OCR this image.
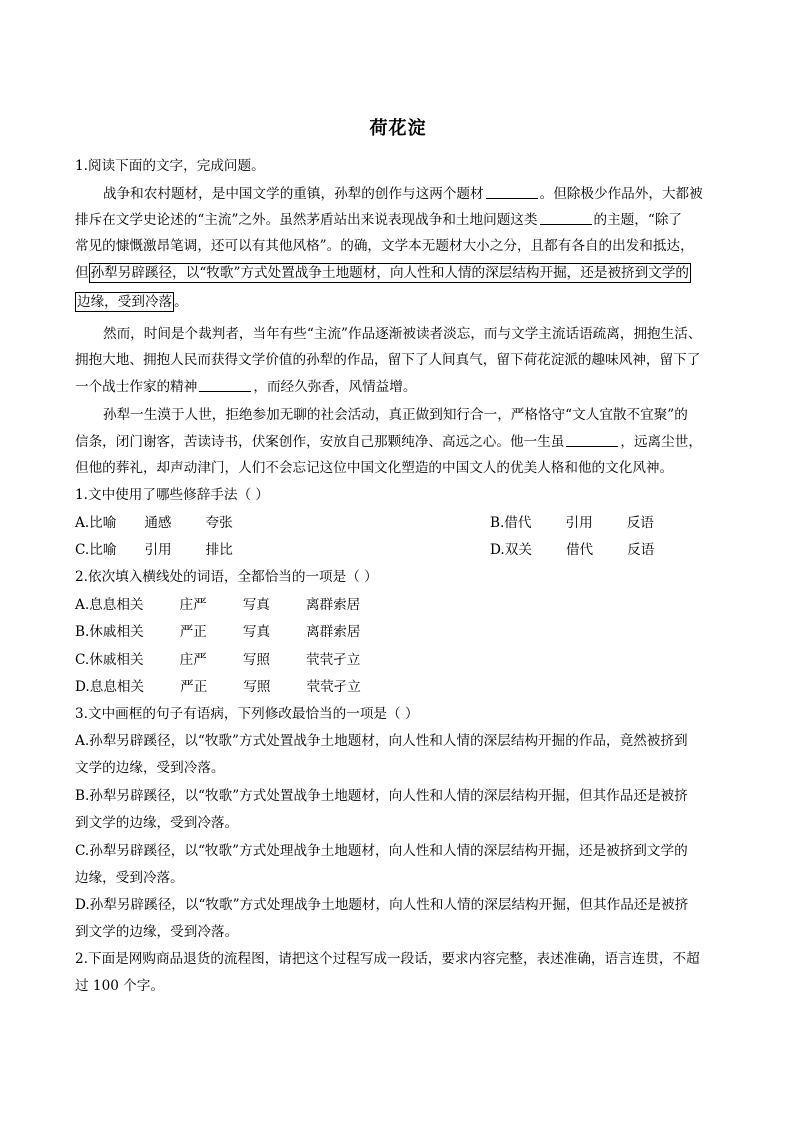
荷花淀
1.阅读下面的文字，完成问题。
战争和农村题材，是中国文学的重镇，孙犁的创作与这两个题材	。但除极少作品外，大都被
排斥在文学史论述的“主流”之外。虽然茅盾站出来说表现战争和土地问题这类	的主题，“除了
常见的慷慨激昂笔调，还可以有其他风格”。的确，文学本无题材大小之分，且都有各自的出发和抵达，
但 孙犁另辟蹊径，以“牧歌”方式处置战争土地题材，向人性和人情的深层结构开掘，还是被挤到文学的
边缘，受到冷落 。
然而，时间是个裁判者，当年有些“主流”作品逐渐被读者淡忘，而与文学主流话语疏离，拥抱生活、
拥抱大地、拥抱人民而获得文学价值的孙犁的作品，留下了人间真气，留下荷花淀派的趣味风神，留下了
一个战士作家的精神	，而经久弥香，风情益增。
孙犁一生漠于人世，拒绝参加无聊的社会活动，真正做到知行合一，严格恪守“文人宜散不宜聚”的
信条，闭门谢客，苦读诗书，伏案创作，安放自己那颗纯净、高远之心。他一生虽	，远离尘世，
但他的葬礼，却声动津门，人们不会忘记这位中国文化塑造的中国文人的优美人格和他的文化风神。
1.文中使用了哪些修辞手法（ ）
A.比喻 通感	夸张	B.借代	引用	反语
C.比喻 引用	排比	D.双关	借代	反语
2.依次填入横线处的词语，全都恰当的一项是（ ）
A.息息相关	庄严	写真	离群索居
B.休戚相关	严正	写真	离群索居
C.休戚相关	庄严	写照	茕茕孑立
D.息息相关	严正	写照	茕茕孑立
3.文中画框的句子有语病，下列修改最恰当的一项是（ ）
A.孙犁另辟蹊径，以“牧歌”方式处置战争土地题材，向人性和人情的深层结构开掘的作品，竟然被挤到
文学的边缘，受到冷落。
B.孙犁另辟蹊径，以“牧歌”方式处置战争土地题材，向人性和人情的深层结构开掘，但其作品还是被挤
到文学的边缘，受到冷落。
C.孙犁另辟蹊径，以“牧歌”方式处理战争土地题材，向人性和人情的深层结构开掘，还是被挤到文学的
边缘，受到冷落。
D.孙犁另辟蹊径，以“牧歌”方式处理战争土地题材，向人性和人情的深层结构开掘，但其作品还是被挤
到文学的边缘，受到冷落。
2.下面是网购商品退货的流程图，请把这个过程写成一段话，要求内容完整，表述准确，语言连贯，不超
过 100 个字。
